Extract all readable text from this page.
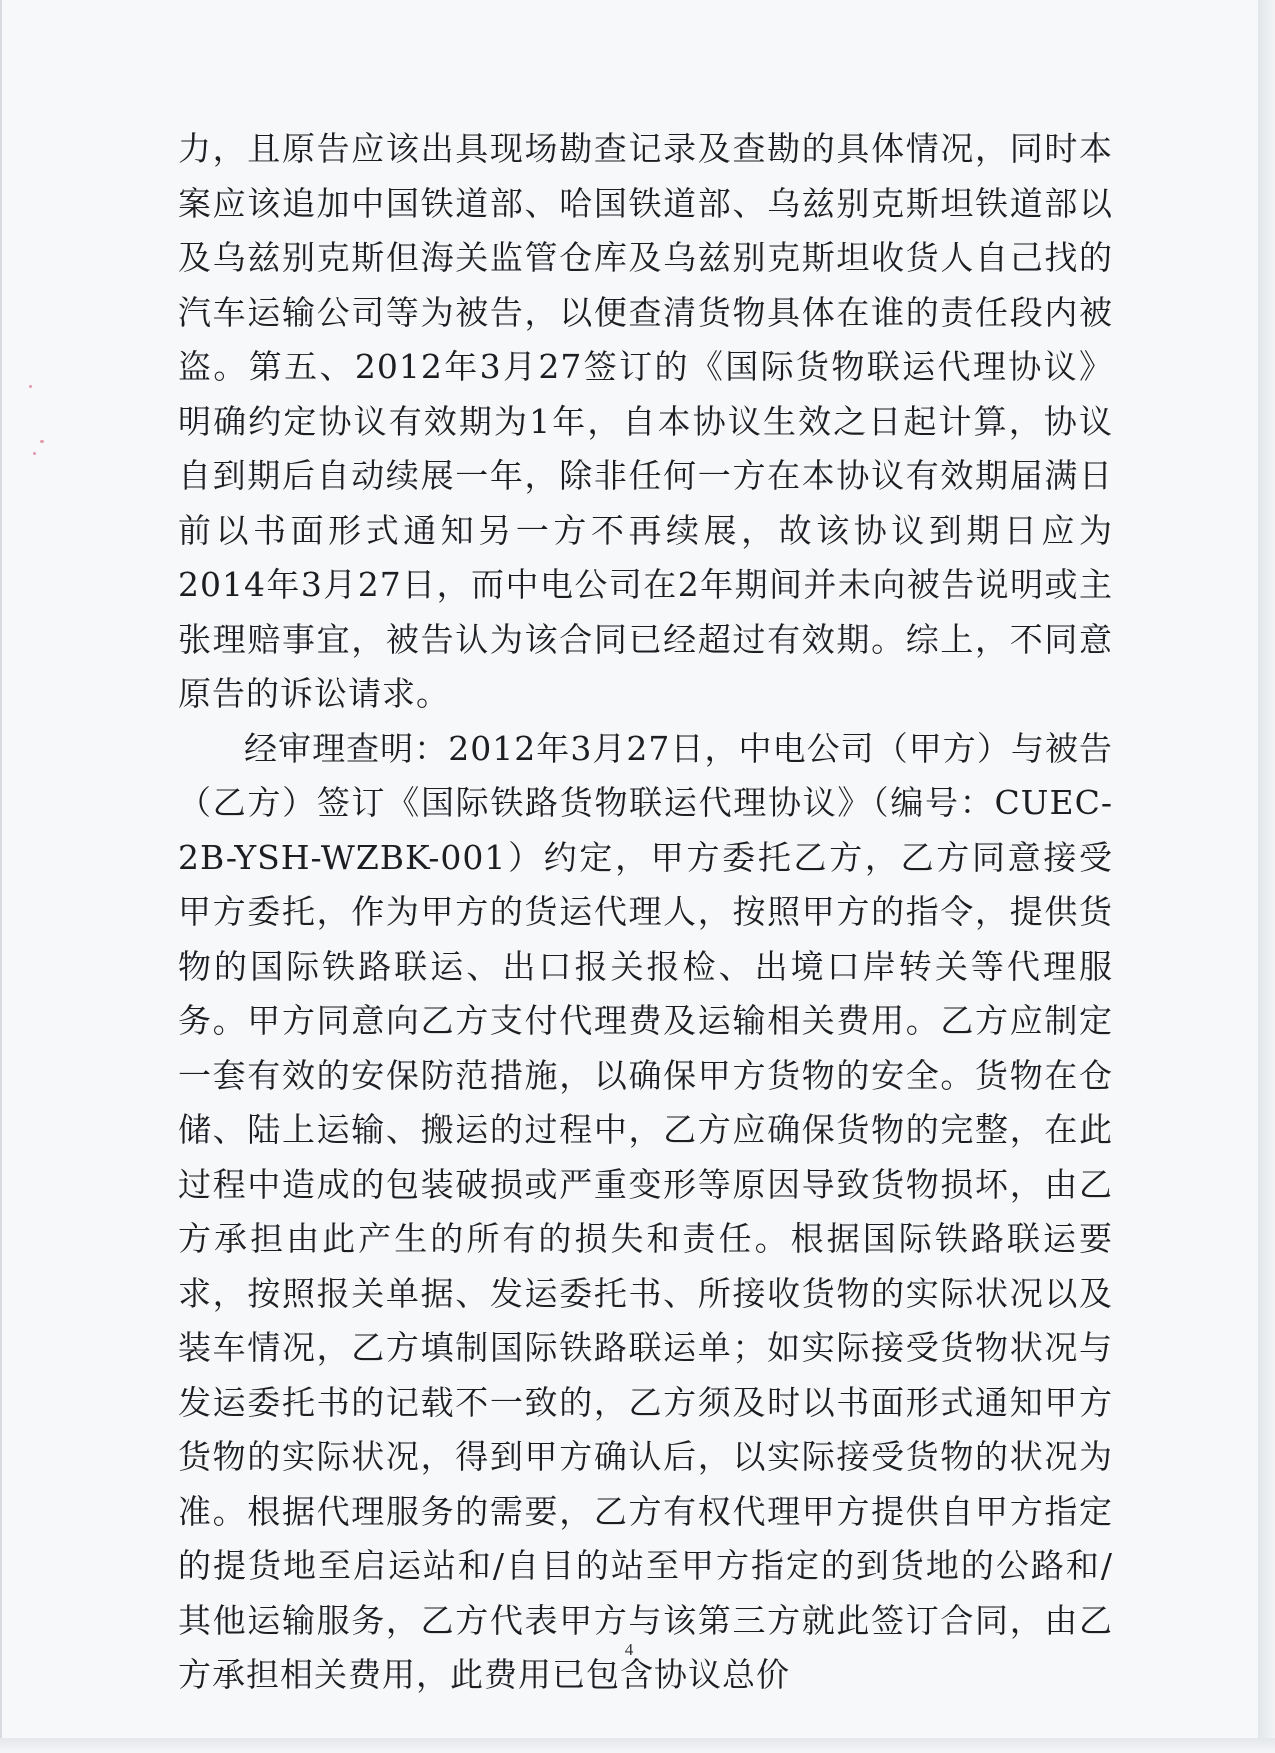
力，且原告应该出具现场勘查记录及查勘的具体情况，同时本案应该追加中国铁道部、哈国铁道部、乌兹别克斯坦铁道部以及乌兹别克斯但海关监管仓库及乌兹别克斯坦收货人自己找的汽车运输公司等为被告，以便查清货物具体在谁的责任段内被盗。第五、2012年3月27签订的《国际货物联运代理协议》明确约定协议有效期为1年，自本协议生效之日起计算，协议自到期后自动续展一年，除非任何一方在本协议有效期届满日前以书面形式通知另一方不再续展，故该协议到期日应为2014年3月27日，而中电公司在2年期间并未向被告说明或主张理赔事宜，被告认为该合同已经超过有效期。综上，不同意原告的诉讼请求。

经审理查明：2012年3月27日，中电公司（甲方）与被告（乙方）签订《国际铁路货物联运代理协议》（编号：CUEC-2B-YSH-WZBK-001）约定，甲方委托乙方，乙方同意接受甲方委托，作为甲方的货运代理人，按照甲方的指令，提供货物的国际铁路联运、出口报关报检、出境口岸转关等代理服务。甲方同意向乙方支付代理费及运输相关费用。乙方应制定一套有效的安保防范措施，以确保甲方货物的安全。货物在仓储、陆上运输、搬运的过程中，乙方应确保货物的完整，在此过程中造成的包装破损或严重变形等原因导致货物损坏，由乙方承担由此产生的所有的损失和责任。根据国际铁路联运要求，按照报关单据、发运委托书、所接收货物的实际状况以及装车情况，乙方填制国际铁路联运单；如实际接受货物状况与发运委托书的记载不一致的，乙方须及时以书面形式通知甲方货物的实际状况，得到甲方确认后，以实际接受货物的状况为准。根据代理服务的需要，乙方有权代理甲方提供自甲方指定的提货地至启运站和/自目的站至甲方指定的到货地的公路和/其他运输服务，乙方代表甲方与该第三方就此签订合同，由乙方承担相关费用，此费用已包含协议总价

4
